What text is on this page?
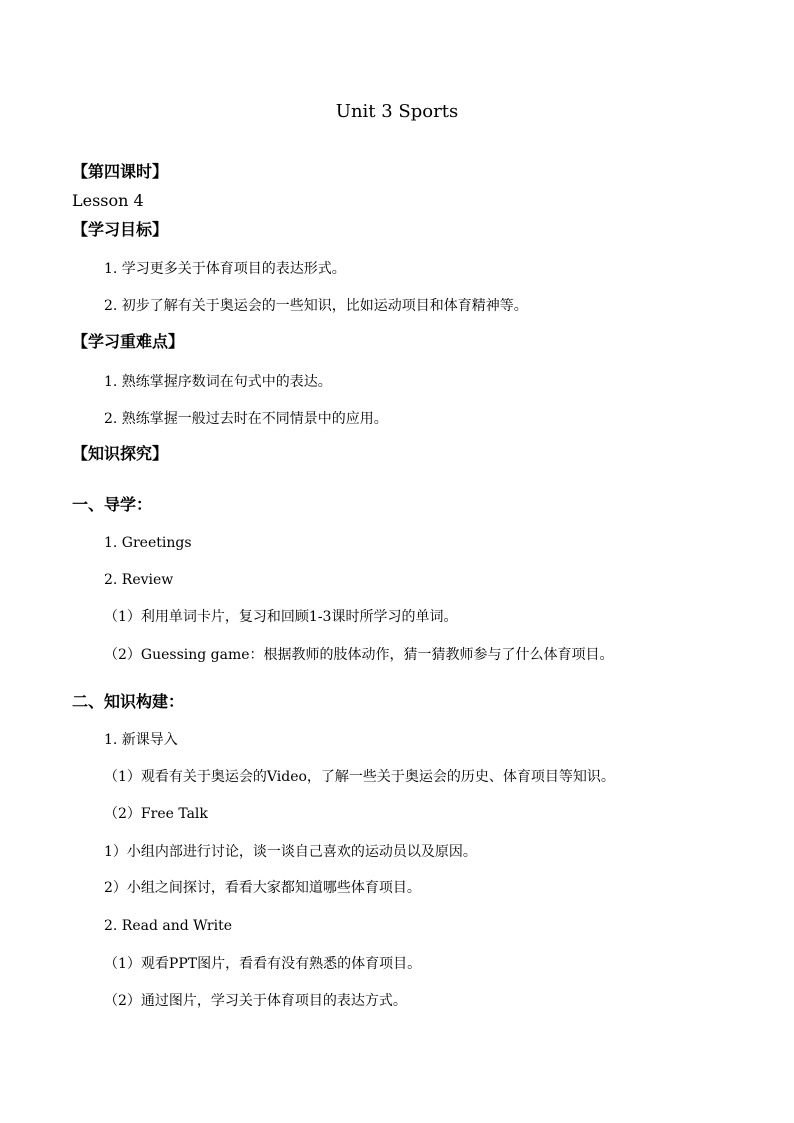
Unit 3 Sports
【第四课时】
Lesson 4
【学习目标】
1. 学习更多关于体育项目的表达形式。
2. 初步了解有关于奥运会的一些知识，比如运动项目和体育精神等。
【学习重难点】
1. 熟练掌握序数词在句式中的表达。
2. 熟练掌握一般过去时在不同情景中的应用。
【知识探究】
一、导学：
1. Greetings
2. Review
（1）利用单词卡片，复习和回顾1-3课时所学习的单词。
（2）Guessing game：根据教师的肢体动作，猜一猜教师参与了什么体育项目。
二、知识构建：
1. 新课导入
（1）观看有关于奥运会的Video，了解一些关于奥运会的历史、体育项目等知识。
（2）Free Talk
1）小组内部进行讨论，谈一谈自己喜欢的运动员以及原因。
2）小组之间探讨，看看大家都知道哪些体育项目。
2. Read and Write
（1）观看PPT图片，看看有没有熟悉的体育项目。
（2）通过图片，学习关于体育项目的表达方式。
